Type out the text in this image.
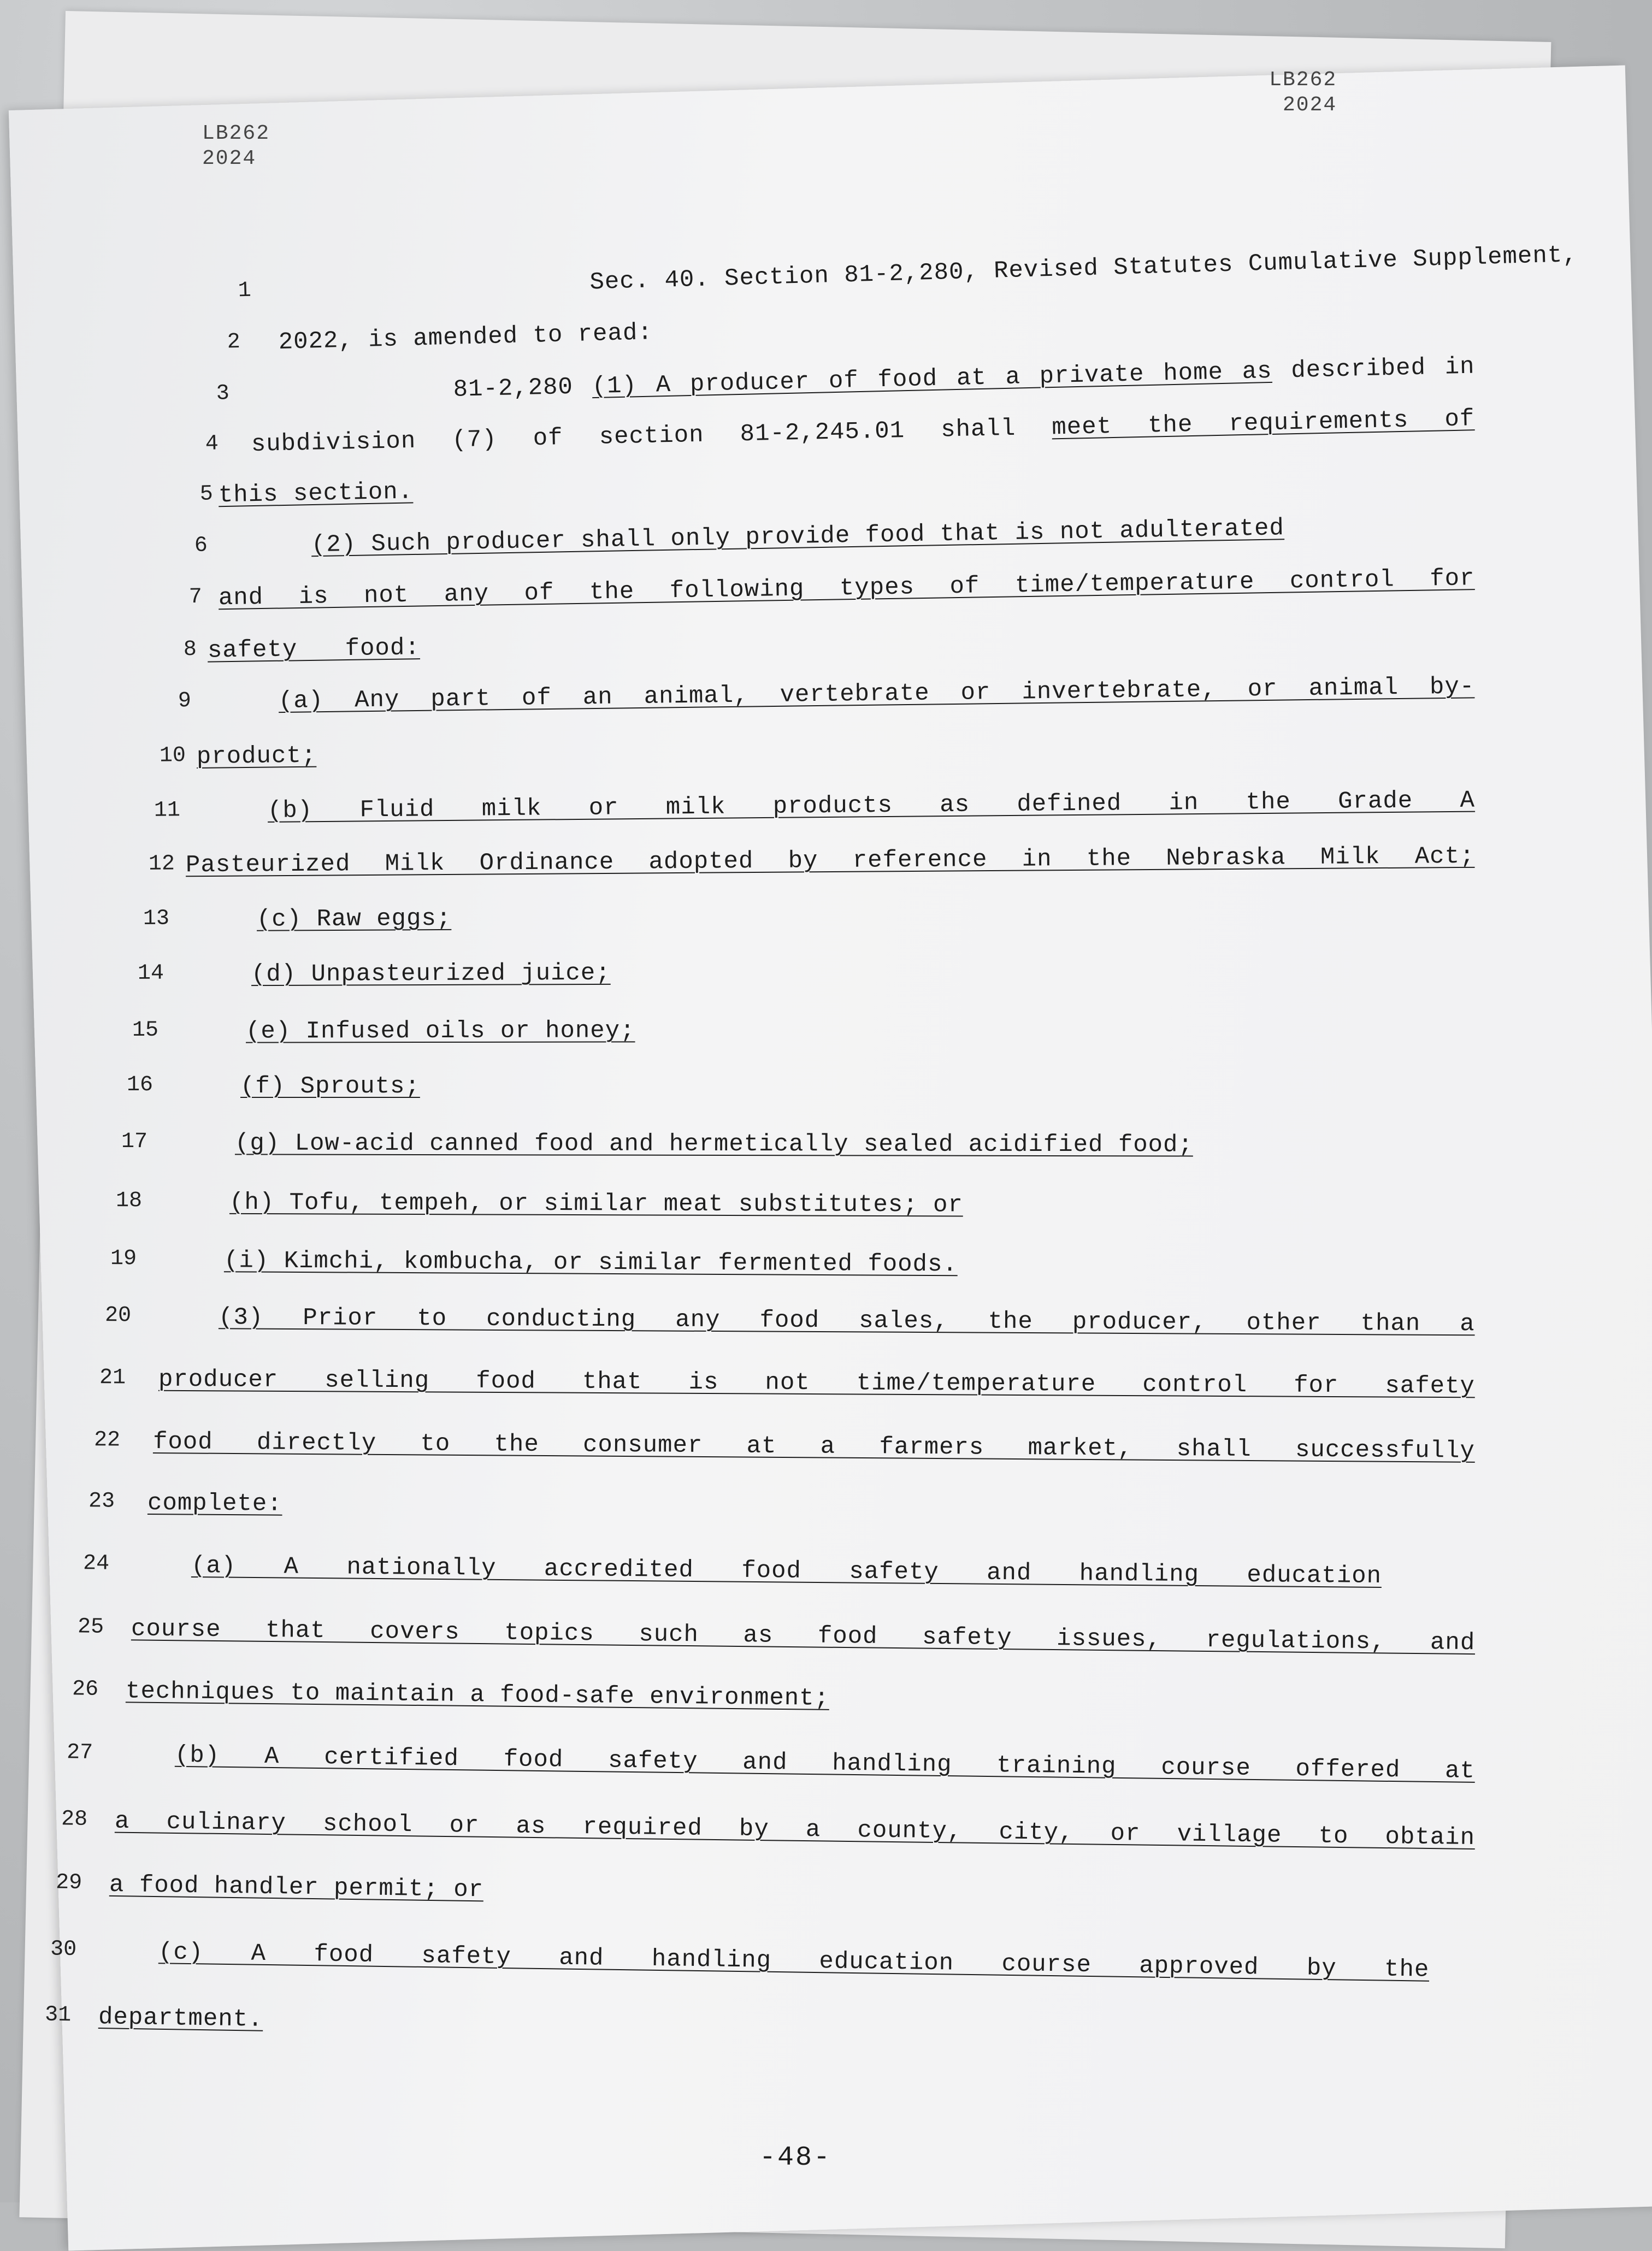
LB262
2024
LB262
2024
1	Sec. 40. Section 81-2,280, Revised Statutes Cumulative Supplement,
2 2022, is amended to read:
3	81-2,280 (1) A producer of food at a private home as described in
4 subdivision (7) of section 81-2,245.01 shall meet the requirements of
5 this section.
6	(2) Such producer shall only provide food that is not adulterated
7 and is not any of the following types of time/temperature control for
8 safety food:
9	(a) Any part of an animal, vertebrate or invertebrate, or animal by-
10 product;
11	(b) Fluid milk or milk products as defined in the Grade A
12 Pasteurized Milk Ordinance adopted by reference in the Nebraska Milk Act;
13	(c) Raw eggs;
14	(d) Unpasteurized juice;
15	(e) Infused oils or honey;
16	(f) Sprouts;
17	(g) Low-acid canned food and hermetically sealed acidified food;
18	(h) Tofu, tempeh, or similar meat substitutes; or
19	(i) Kimchi, kombucha, or similar fermented foods.
20	(3) Prior to conducting any food sales, the producer, other than a
21 producer selling food that is not time/temperature control for safety
22 food directly to the consumer at a farmers market, shall successfully
23 complete:
24	(a) A nationally accredited food safety and handling education
25 course that covers topics such as food safety issues, regulations, and
26 techniques to maintain a food-safe environment;
27	(b) A certified food safety and handling training course offered at
28 a culinary school or as required by a county, city, or village to obtain
29 a food handler permit; or
30	(c) A food safety and handling education course approved by the
31 department.
-48-
